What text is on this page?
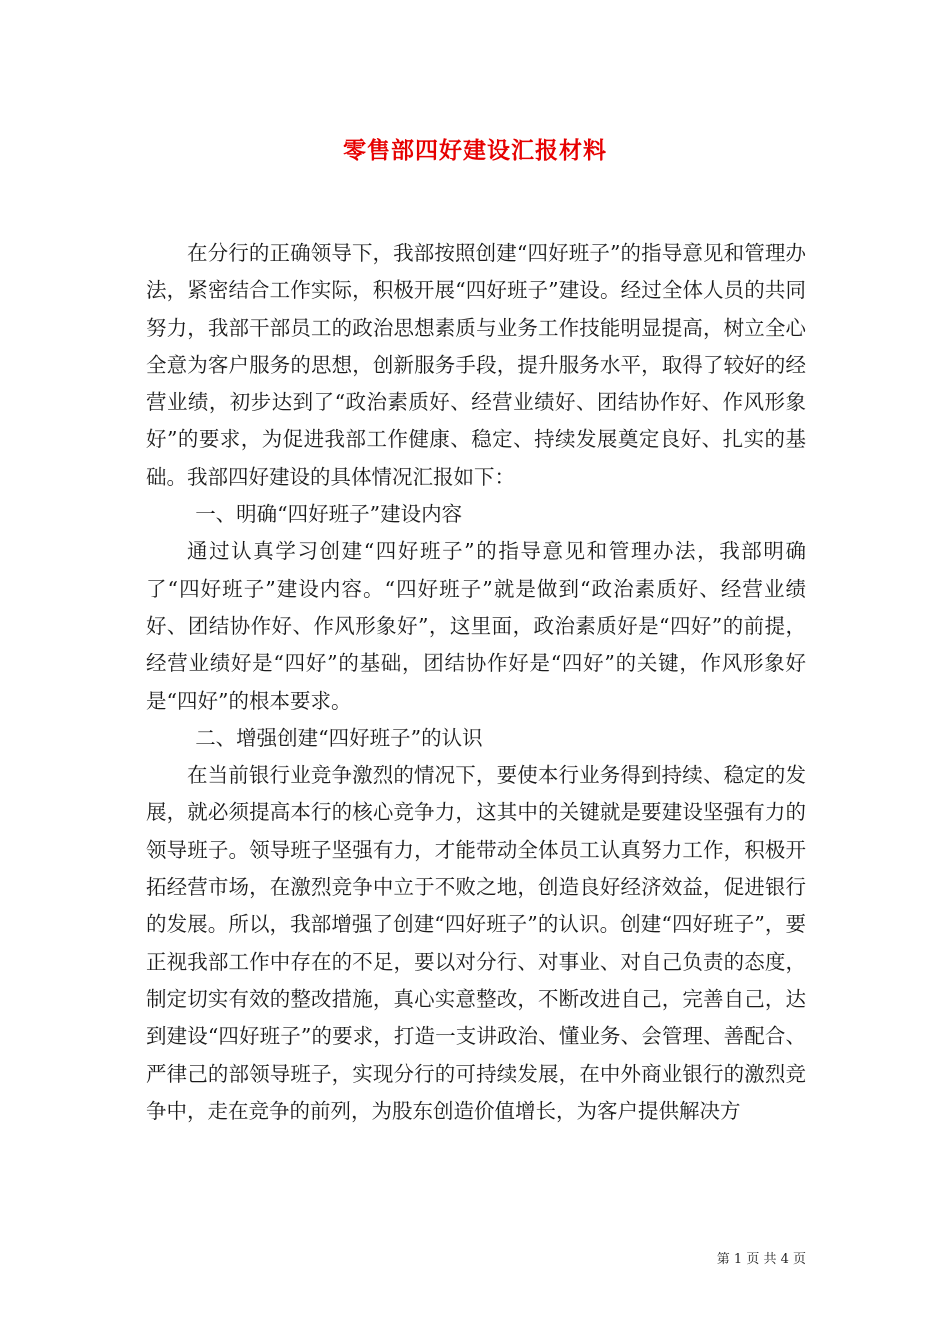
零售部四好建设汇报材料

在分行的正确领导下，我部按照创建“四好班子”的指导意见和管理办法，紧密结合工作实际，积极开展“四好班子”建设。经过全体人员的共同努力，我部干部员工的政治思想素质与业务工作技能明显提高，树立全心全意为客户服务的思想，创新服务手段，提升服务水平，取得了较好的经营业绩，初步达到了“政治素质好、经营业绩好、团结协作好、作风形象好”的要求，为促进我部工作健康、稳定、持续发展奠定良好、扎实的基础。我部四好建设的具体情况汇报如下：

一、明确“四好班子”建设内容

通过认真学习创建“四好班子”的指导意见和管理办法，我部明确了“四好班子”建设内容。“四好班子”就是做到“政治素质好、经营业绩好、团结协作好、作风形象好”，这里面，政治素质好是“四好”的前提，经营业绩好是“四好”的基础，团结协作好是“四好”的关键，作风形象好是“四好”的根本要求。

二、增强创建“四好班子”的认识

在当前银行业竞争激烈的情况下，要使本行业务得到持续、稳定的发展，就必须提高本行的核心竞争力，这其中的关键就是要建设坚强有力的领导班子。领导班子坚强有力，才能带动全体员工认真努力工作，积极开拓经营市场，在激烈竞争中立于不败之地，创造良好经济效益，促进银行的发展。所以，我部增强了创建“四好班子”的认识。创建“四好班子”，要正视我部工作中存在的不足，要以对分行、对事业、对自己负责的态度，制定切实有效的整改措施，真心实意整改，不断改进自己，完善自己，达到建设“四好班子”的要求，打造一支讲政治、懂业务、会管理、善配合、严律己的部领导班子，实现分行的可持续发展，在中外商业银行的激烈竞争中，走在竞争的前列，为股东创造价值增长，为客户提供解决方

第 1 页 共 4 页
